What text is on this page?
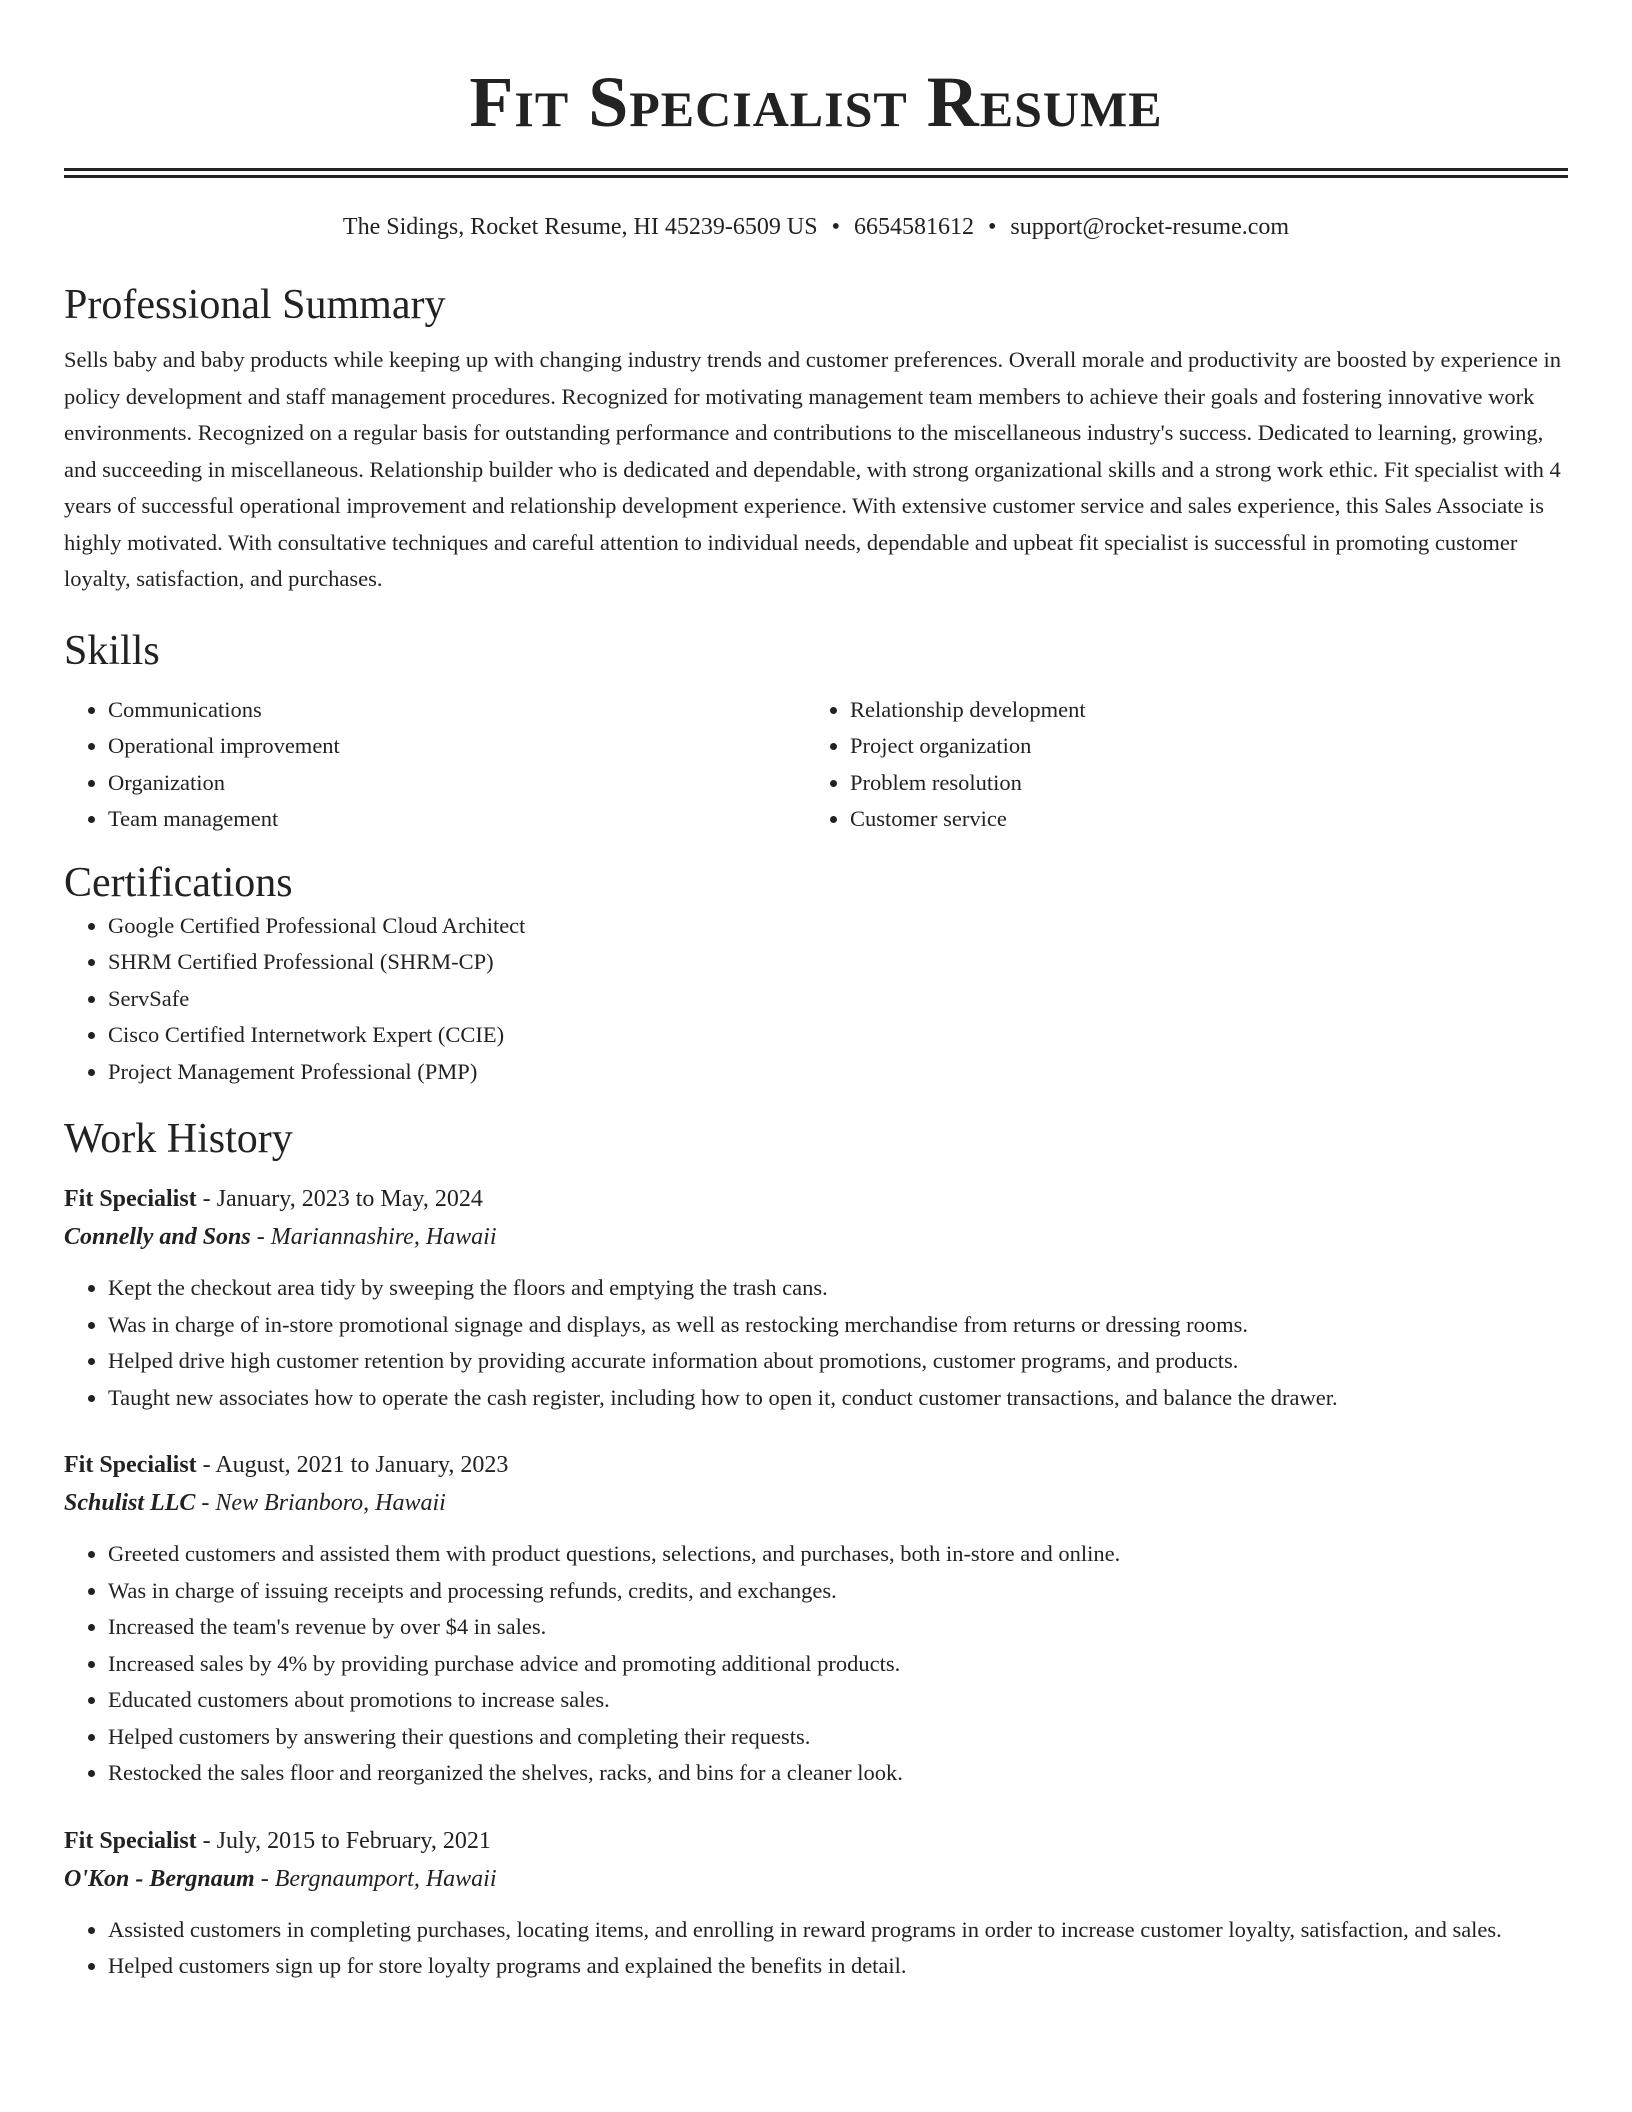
Fit Specialist Resume
The Sidings, Rocket Resume, HI 45239-6509 US • 6654581612 • support@rocket-resume.com
Professional Summary

Sells baby and baby products while keeping up with changing industry trends and customer preferences. Overall morale and productivity are boosted by experience in policy development and staff management procedures. Recognized for motivating management team members to achieve their goals and fostering innovative work environments. Recognized on a regular basis for outstanding performance and contributions to the miscellaneous industry's success. Dedicated to learning, growing, and succeeding in miscellaneous. Relationship builder who is dedicated and dependable, with strong organizational skills and a strong work ethic. Fit specialist with 4 years of successful operational improvement and relationship development experience. With extensive customer service and sales experience, this Sales Associate is highly motivated. With consultative techniques and careful attention to individual needs, dependable and upbeat fit specialist is successful in promoting customer loyalty, satisfaction, and purchases.

Skills
• Communications
• Operational improvement
• Organization
• Team management
• Relationship development
• Project organization
• Problem resolution
• Customer service
Certifications
• Google Certified Professional Cloud Architect
• SHRM Certified Professional (SHRM-CP)
• ServSafe
• Cisco Certified Internetwork Expert (CCIE)
• Project Management Professional (PMP)
Work History
Fit Specialist - January, 2023 to May, 2024
Connelly and Sons - Mariannashire, Hawaii
• Kept the checkout area tidy by sweeping the floors and emptying the trash cans.
• Was in charge of in-store promotional signage and displays, as well as restocking merchandise from returns or dressing rooms.
• Helped drive high customer retention by providing accurate information about promotions, customer programs, and products.
• Taught new associates how to operate the cash register, including how to open it, conduct customer transactions, and balance the drawer.
Fit Specialist - August, 2021 to January, 2023
Schulist LLC - New Brianboro, Hawaii
• Greeted customers and assisted them with product questions, selections, and purchases, both in-store and online.
• Was in charge of issuing receipts and processing refunds, credits, and exchanges.
• Increased the team's revenue by over $4 in sales.
• Increased sales by 4% by providing purchase advice and promoting additional products.
• Educated customers about promotions to increase sales.
• Helped customers by answering their questions and completing their requests.
• Restocked the sales floor and reorganized the shelves, racks, and bins for a cleaner look.
Fit Specialist - July, 2015 to February, 2021
O'Kon - Bergnaum - Bergnaumport, Hawaii
• Assisted customers in completing purchases, locating items, and enrolling in reward programs in order to increase customer loyalty, satisfaction, and sales.
• Helped customers sign up for store loyalty programs and explained the benefits in detail.
